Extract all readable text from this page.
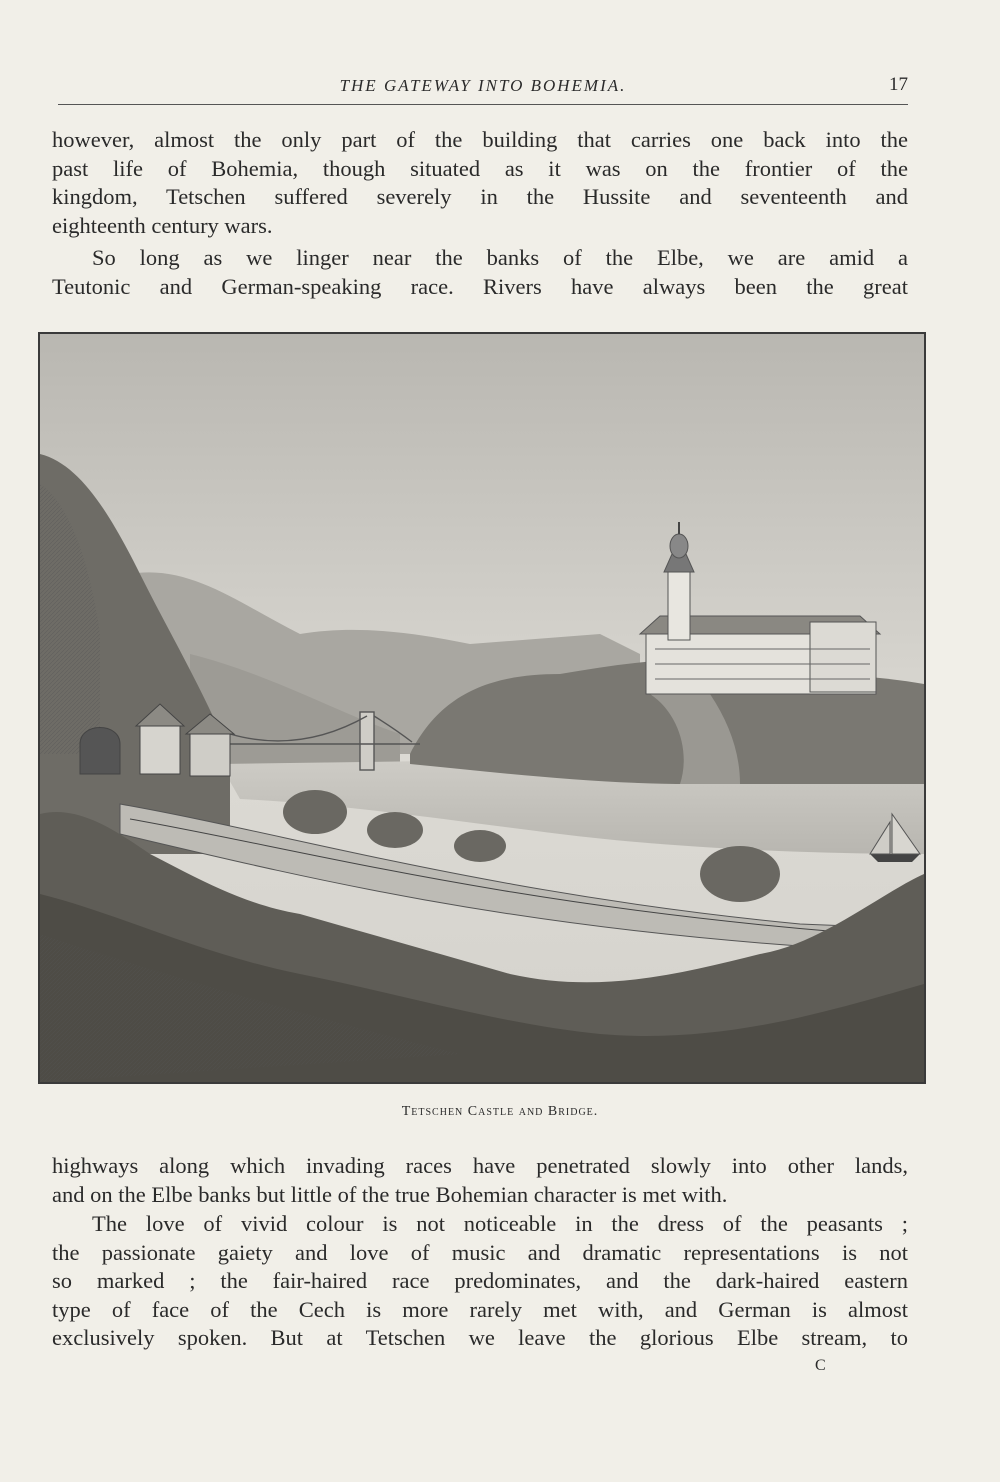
THE GATEWAY INTO BOHEMIA.	17
however, almost the only part of the building that carries one back into the
past life of Bohemia, though situated as it was on the frontier of the
kingdom, Tetschen suffered severely in the Hussite and seventeenth and
eighteenth century wars.
So long as we linger near the banks of the Elbe, we are amid a
Teutonic and German-speaking race. Rivers have always been the great
Tetschen Castle and Bridge.
highways along which invading races have penetrated slowly into other lands,
and on the Elbe banks but little of the true Bohemian character is met with.
The love of vivid colour is not noticeable in the dress of the peasants ;
the passionate gaiety and love of music and dramatic representations is not
so marked ; the fair-haired race predominates, and the dark-haired eastern
type of face of the Cech is more rarely met with, and German is almost
exclusively spoken. But at Tetschen we leave the glorious Elbe stream, to
C
